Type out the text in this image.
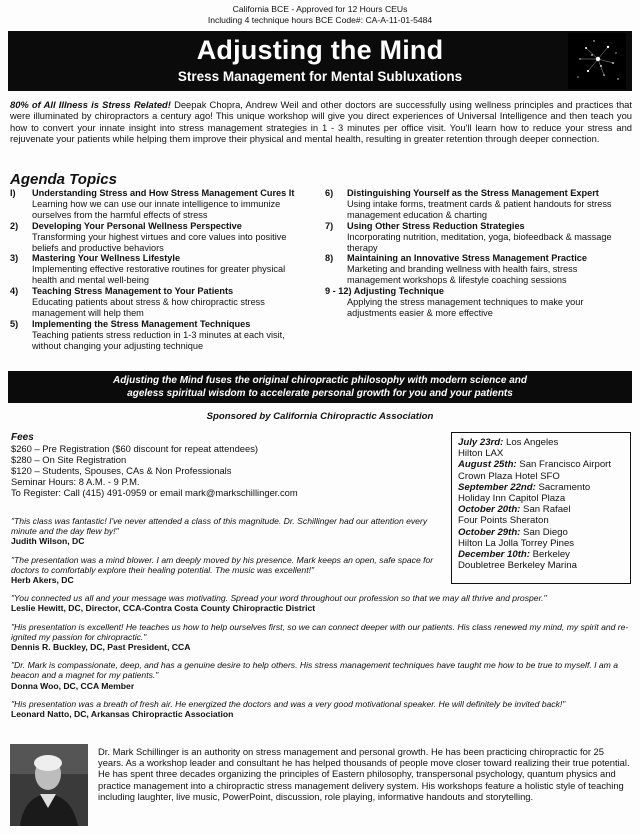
California BCE - Approved for 12 Hours CEUs
Including 4 technique hours BCE Code#: CA-A-11-01-5484
Adjusting the Mind
Stress Management for Mental Subluxations

80% of All Illness is Stress Related! Deepak Chopra, Andrew Weil and other doctors are successfully using wellness principles and practices that were illuminated by chiropractors a century ago! This unique workshop will give you direct experiences of Universal Intelligence and then teach you how to convert your innate insight into stress management strategies in 1 - 3 minutes per office visit. You'll learn how to reduce your stress and rejuvenate your patients while helping them improve their physical and mental health, resulting in greater retention through deeper connection.

Agenda Topics
I) Understanding Stress and How Stress Management Cures It
Learning how we can use our innate intelligence to immunize ourselves from the harmful effects of stress
2) Developing Your Personal Wellness Perspective
Transforming your highest virtues and core values into positive beliefs and productive behaviors
3) Mastering Your Wellness Lifestyle
Implementing effective restorative routines for greater physical health and mental well-being
4) Teaching Stress Management to Your Patients
Educating patients about stress & how chiropractic stress management will help them
5) Implementing the Stress Management Techniques
Teaching patients stress reduction in 1-3 minutes at each visit, without changing your adjusting technique
6) Distinguishing Yourself as the Stress Management Expert
Using intake forms, treatment cards & patient handouts for stress management education & charting
7) Using Other Stress Reduction Strategies
Incorporating nutrition, meditation, yoga, biofeedback & massage therapy
8) Maintaining an Innovative Stress Management Practice
Marketing and branding wellness with health fairs, stress management workshops & lifestyle coaching sessions
9 - 12) Adjusting Technique
Applying the stress management techniques to make your adjustments easier & more effective
Adjusting the Mind fuses the original chiropractic philosophy with modern science and
ageless spiritual wisdom to accelerate personal growth for you and your patients
Sponsored by California Chiropractic Association
Fees
$260 – Pre Registration ($60 discount for repeat attendees)
$280 – On Site Registration
$120 – Students, Spouses, CAs & Non Professionals
Seminar Hours: 8 A.M. - 9 P.M.
To Register: Call (415) 491-0959 or email mark@markschillinger.com
July 23rd: Los Angeles
Hilton LAX
August 25th: San Francisco Airport
Crown Plaza Hotel SFO
September 22nd: Sacramento
Holiday Inn Capitol Plaza
October 20th: San Rafael
Four Points Sheraton
October 29th: San Diego
Hilton La Jolla Torrey Pines
December 10th: Berkeley
Doubletree Berkeley Marina
"This class was fantastic! I've never attended a class of this magnitude. Dr. Schillinger had our attention every minute and the day flew by!"
Judith Wilson, DC
"The presentation was a mind blower. I am deeply moved by his presence. Mark keeps an open, safe space for doctors to comfortably explore their healing potential. The music was excellent!"
Herb Akers, DC
"You connected us all and your message was motivating. Spread your word throughout our profession so that we may all thrive and prosper."
Leslie Hewitt, DC, Director, CCA-Contra Costa County Chiropractic District
"His presentation is excellent! He teaches us how to help ourselves first, so we can connect deeper with our patients. His class renewed my mind, my spirit and re-ignited my passion for chiropractic."
Dennis R. Buckley, DC, Past President, CCA
"Dr. Mark is compassionate, deep, and has a genuine desire to help others. His stress management techniques have taught me how to be true to myself. I am a beacon and a magnet for my patients."
Donna Woo, DC, CCA Member
"His presentation was a breath of fresh air. He energized the doctors and was a very good motivational speaker. He will definitely be invited back!"
Leonard Natto, DC, Arkansas Chiropractic Association

Dr. Mark Schillinger is an authority on stress management and personal growth. He has been practicing chiropractic for 25 years. As a workshop leader and consultant he has helped thousands of people move closer toward realizing their true potential. He has spent three decades organizing the principles of Eastern philosophy, transpersonal psychology, quantum physics and practice management into a chiropractic stress management delivery system. His workshops feature a holistic style of teaching including laughter, live music, PowerPoint, discussion, role playing, informative handouts and storytelling.
